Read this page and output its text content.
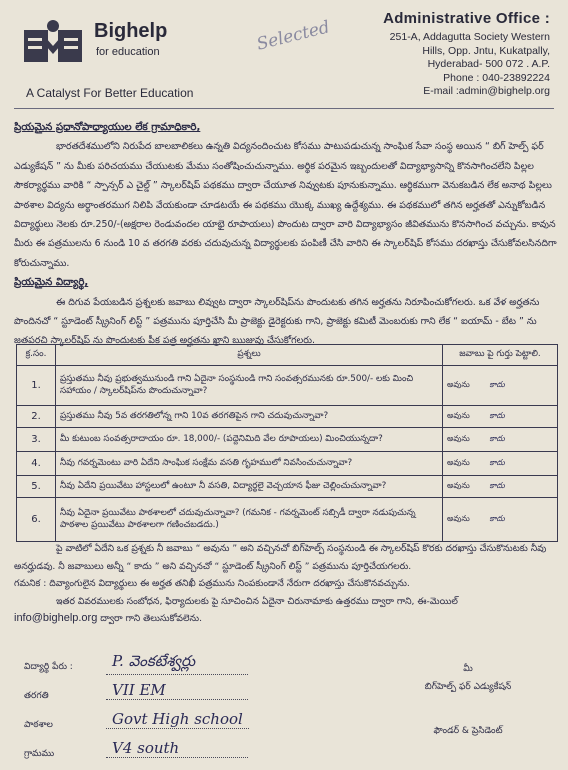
Bighelp
for education
A Catalyst For Better Education
Selected	Administrative Office :
251-A, Addagutta Society Western
Hills, Opp. Jntu, Kukatpally,
Hyderabad- 500 072 . A.P.
Phone : 040-23892224
E-mail :admin@bighelp.org

ప్రియమైన ప్రధానోపాధ్యాయుల లేక గ్రామాధికారి,

భారతదేశములోని నిరుపేద బాలబాలికలు ఉన్నతి విద్యనందించుట కోసము పాటుపడుచున్న సాంఘిక సేవా సంస్థ అయిన “ బిగ్ హెల్ప్ ఫర్ ఎడ్యుకేషన్ ” ను మీకు పరిచయము చేయుటకు మేము సంతోషించుచున్నాము. అర్థిక పరమైన ఇబ్బందులతో విద్యాభ్యాసాన్ని కొనసాగించలేని పిల్లల సౌకర్యార్థము వారికి “ స్పాన్సర్ ఎ చైల్డ్ ” స్కాలర్‌షిప్ పథకము ద్వారా చేయూత నివ్వుటకు పూనుకున్నాము. ఆర్థికముగా వెనుకబడిన లేక అనాథ పిల్లలు పాఠశాల విద్యను అర్థాంతరముగ నిలిపి వేయకుండా చూడటయే ఈ పథకము యొక్క ముఖ్య ఉద్దేశ్యము. ఈ పథకములో తగిన అర్హతతో ఎన్నుకోబడిన విద్యార్థులు నెలకు రూ.250/-(అక్షరాల రెండువందల యాభై రూపాయలు) పొందుట ద్వారా వారి విద్యాభ్యాసం జీవితమును కొనసాగించ వచ్చును. కావున మీరు ఈ పత్రములను 6 నుండి 10 వ తరగతి వరకు చదువుచున్న విద్యార్థులకు పంపిణీ చేసి వారిని ఈ స్కాలర్‌షిప్ కోసము దరఖాస్తు చేసుకోవలసినదిగా కోరుచున్నాము.

ప్రియమైన విద్యార్థి,

ఈ దిగువ పేయబడిన ప్రశ్నలకు జవాబు లివ్వుట ద్వారా స్కాలర్‌షిప్‌ను పొందుటకు తగిన అర్హతను నిరూపించుకోగలరు. ఒక వేళ అర్హతను పొందినచో “ స్టూడెంట్ స్క్రీనింగ్ లిస్ట్ ” పత్రమును పూర్తిచేసి మీ ప్రాజెక్టు డైరెక్టరుకు గాని, ప్రాజెక్టు కమిటీ మెంబరుకు గాని లేక “ ఐయామ్ - బేట ” ను జతపరచి స్కాలర్‌షిప్ ను పొందుటకు పీక పత్ర అర్హతను ఖ్రాని ఋజువు చేసుకోగలరు.

క్ర.సం.	ప్రశ్నలు	జవాబు పై గుర్తు పెట్టాలి.
1.	ప్రస్తుతము నీవు ప్రభుత్వమునుండి గాని ఏదైనా సంస్థనుండి గాని సంవత్సరమునకు రూ.500/- లకు మించి సహాయం / స్కాలర్‌షిప్‌ను పొందుచున్నావా?	అవును కాదు
2.	ప్రస్తుతము నీవు 5వ తరగతిలోన్న గాని 10వ తరగతిపైన గాని చదువుచున్నావా?	అవును కాదు
3.	మీ కుటుంబ సంవత్సరాదాయం రూ. 18,000/- (పద్దెనిమిది వేల రూపాయలు) మించియున్నదా?	అవును కాదు
4.	నీవు గవర్నమెంటు వారి ఏదేని సాంఘిక సంక్షేమ వసతి గృహములో నివసించుచున్నావా?	అవును కాదు
5.	నీవు ఏదేని ప్రయివేటు హాస్టలులో ఉంటూ నీ వసతి, విద్యార్థలై వెచ్చయాన ఫీజు చెల్లించుచున్నావా?	అవును కాదు
6.	నీవు ఏదైనా ప్రయివేటు పాఠశాలలో చదువుచున్నావా? (గమనిక - గవర్నమెంట్ సబ్సిడీ ద్వారా నడుపుచున్న పాఠశాల ప్రయివేటు పాఠశాలగా గణించబడదు.)	అవును కాదు

పై వాటిలో ఏదేని ఒక ప్రశ్నకు నీ జవాబు “ అవును ” అని వచ్చినచో బిగ్‌హెల్ప్ సంస్థనుండి ఈ స్కాలర్‌షిప్ కొరకు దరఖాస్తు చేసుకొనుటకు నీవు అనర్హుడవు. నీ జవాబులు అన్నీ “ కాదు ” అని వచ్చినచో “ స్టూడెంట్ స్క్రీనింగ్ లిస్ట్ ” పత్రమును పూర్తిచేయగలరు.

గమనిక : దివ్యాంగులైన విద్యార్థులు ఈ అర్హత తనిఖీ పత్రమును నింపకుండానే నేరుగా దరఖాస్తు చేసుకొనవచ్చును.

ఇతర వివరములకు సంబోధన, ఫిర్యాదులకు పై సూచించిన ఏదైనా చిరునామాకు ఉత్తరము ద్వారా గాని, ఈ-మెయిల్

info@bighelp.org ద్వారా గాని తెలుసుకోవలెను.

విద్యార్థి పేరు :	P. వెంకటేశ్వర్లు
తరగతి	VII EM
పాఠశాల	Govt High school
గ్రామము	V4 south
మీ
బిగ్‌హెల్ప్ ఫర్ ఎడ్యుకేషన్
ఫౌండర్ & ప్రెసిడెంట్
